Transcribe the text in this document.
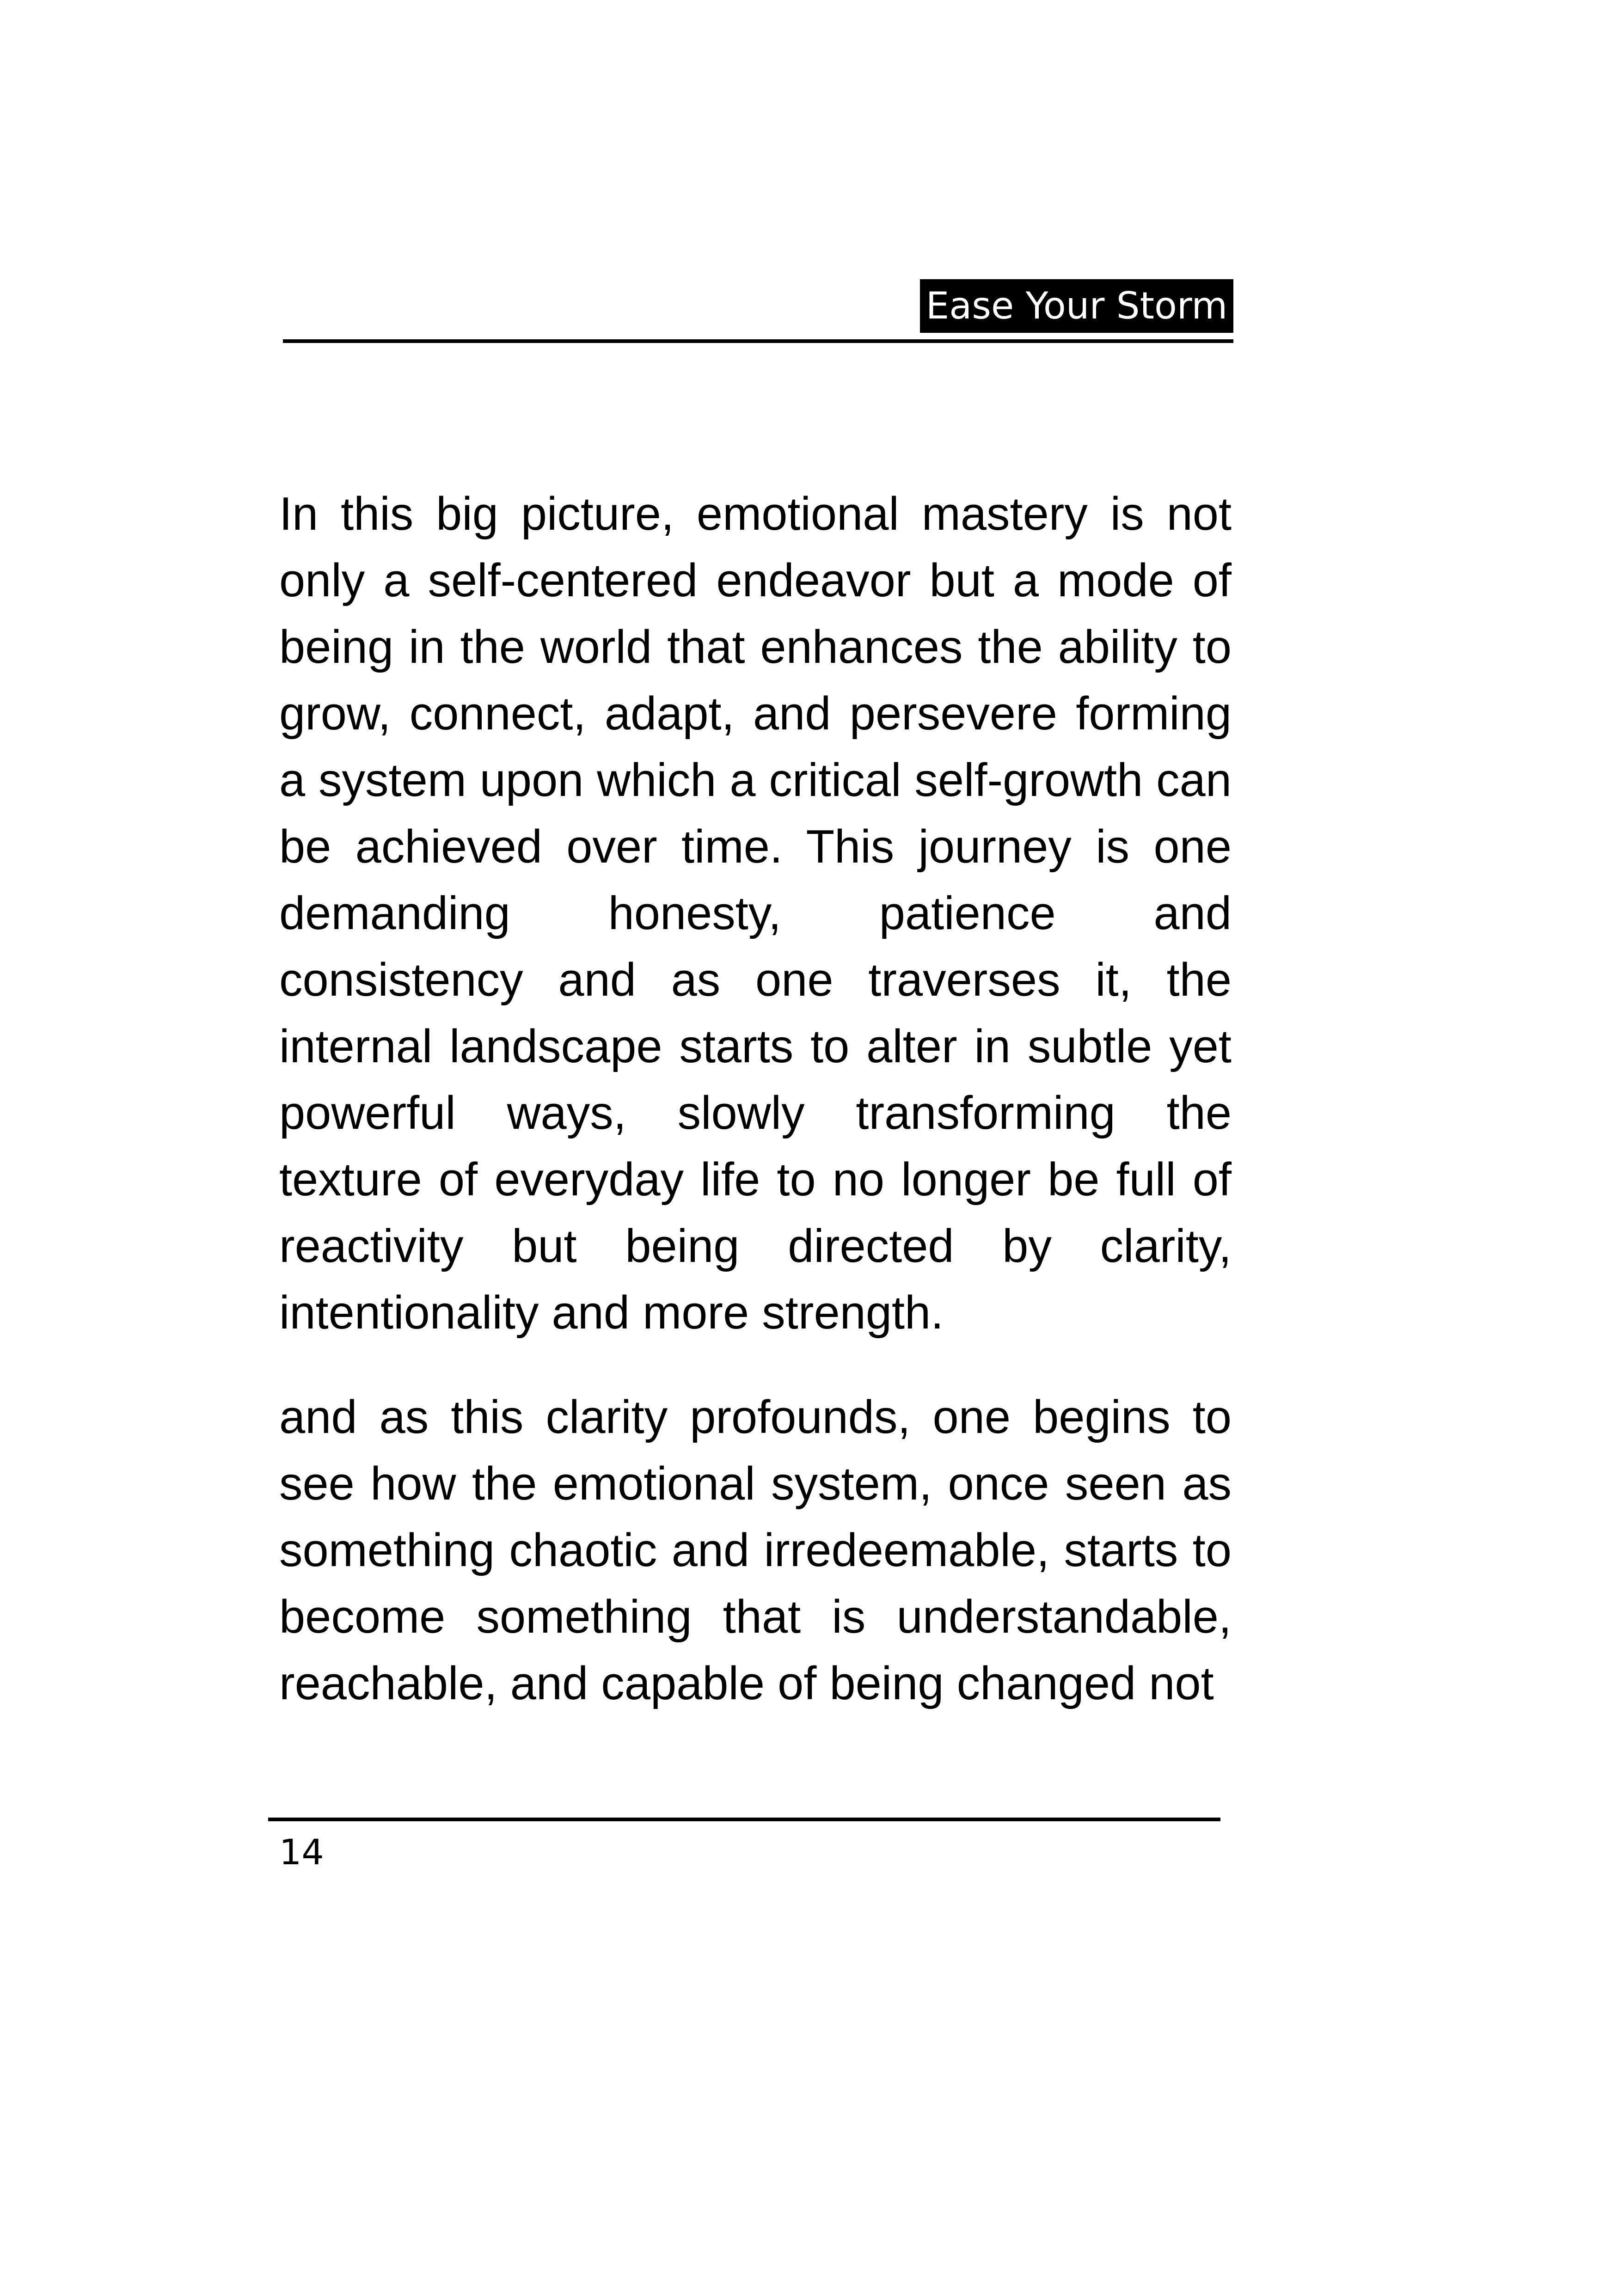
Ease Your Storm

In this big picture, emotional mastery is not only a self-centered endeavor but a mode of being in the world that enhances the ability to grow, connect, adapt, and persevere forming a system upon which a critical self-growth can be achieved over time. This journey is one demanding honesty, patience and consistency and as one traverses it, the internal landscape starts to alter in subtle yet powerful ways, slowly transforming the texture of everyday life to no longer be full of reactivity but being directed by clarity, intentionality and more strength.

and as this clarity profounds, one begins to see how the emotional system, once seen as something chaotic and irredeemable, starts to become something that is understandable, reachable, and capable of being changed not

14
